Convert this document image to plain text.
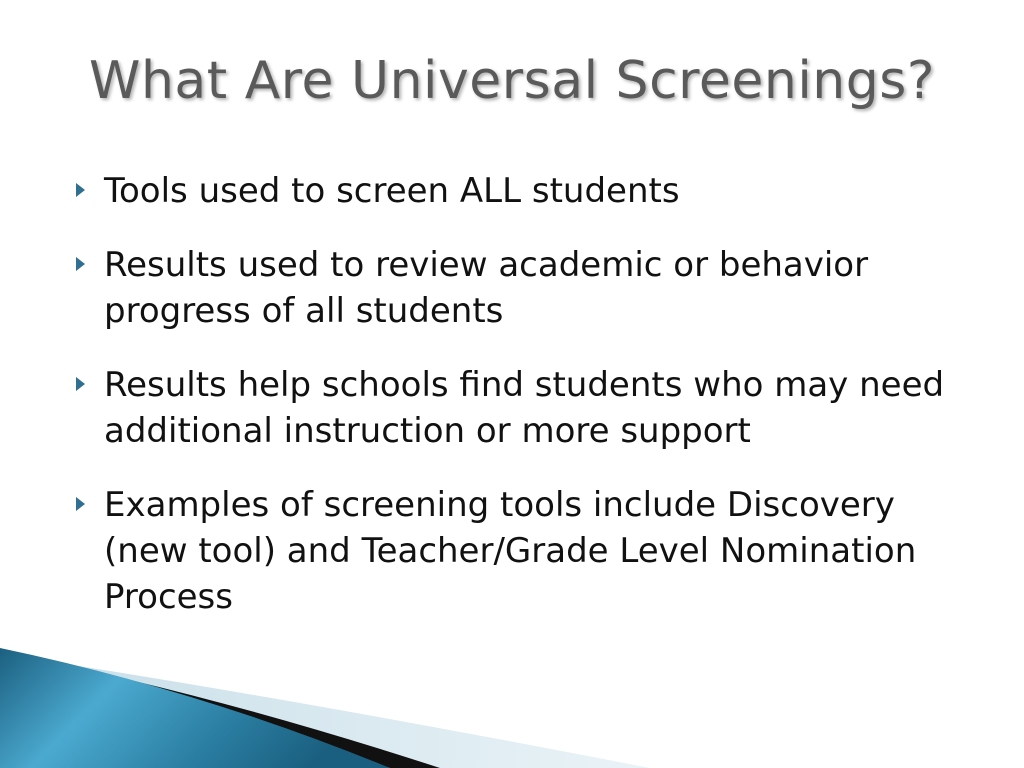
What Are Universal Screenings?
Tools used to screen ALL students
Results used to review academic or behavior progress of all students
Results help schools find students who may need additional instruction or more support
Examples of screening tools include Discovery (new tool) and Teacher/Grade Level Nomination Process
